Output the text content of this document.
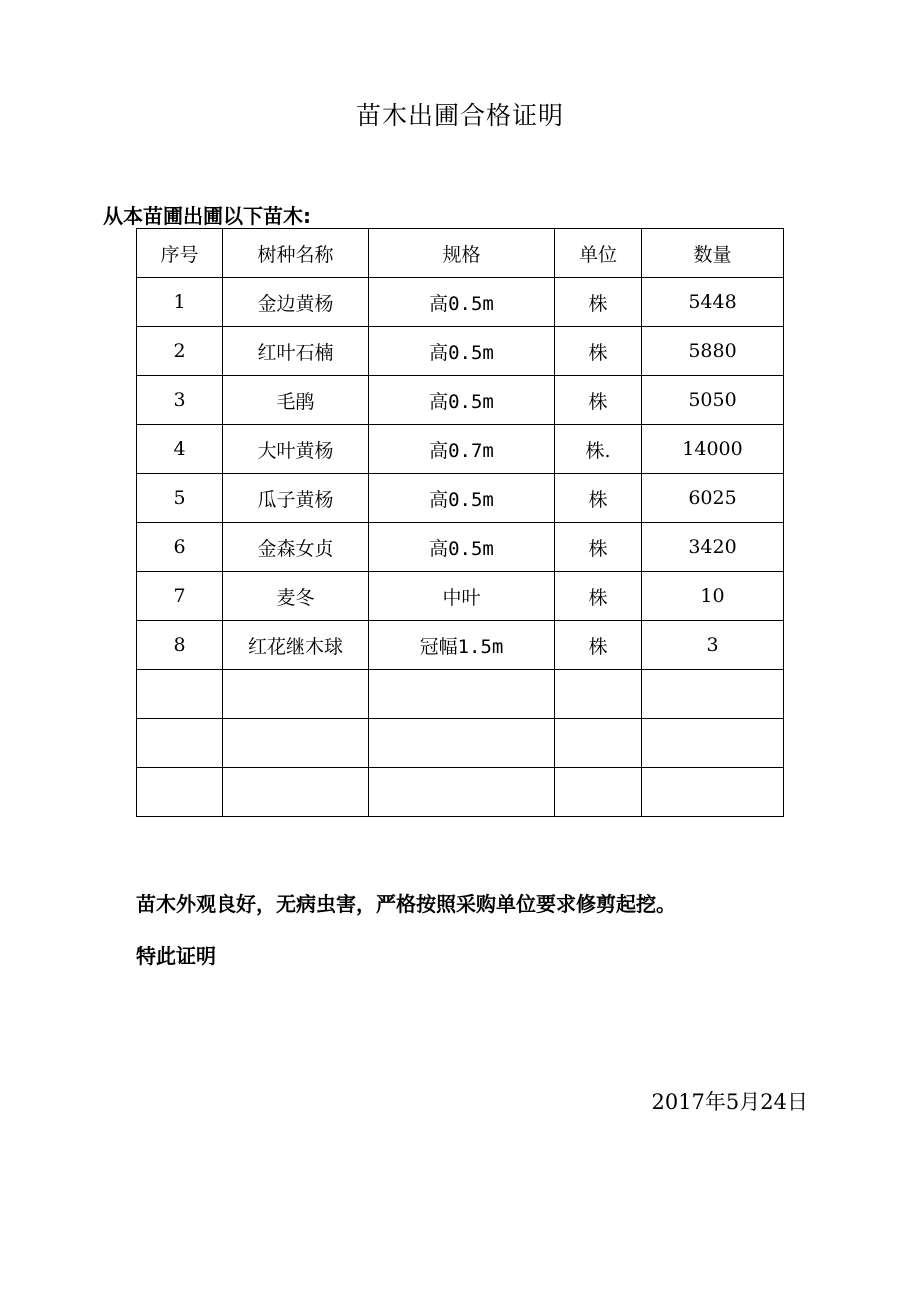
苗木出圃合格证明
从本苗圃出圃以下苗木:
序号	树种名称	规格	单位	数量
1	金边黄杨	高0.5m	株	5448
2	红叶石楠	高0.5m	株	5880
3	毛鹃	高0.5m	株	5050
4	大叶黄杨	高0.7m	株.	14000
5	瓜子黄杨	高0.5m	株	6025
6	金森女贞	高0.5m	株	3420
7	麦冬	中叶	株	10
8	红花继木球	冠幅1.5m	株	3

苗木外观良好，无病虫害，严格按照采购单位要求修剪起挖。
特此证明
2017年5月24日
